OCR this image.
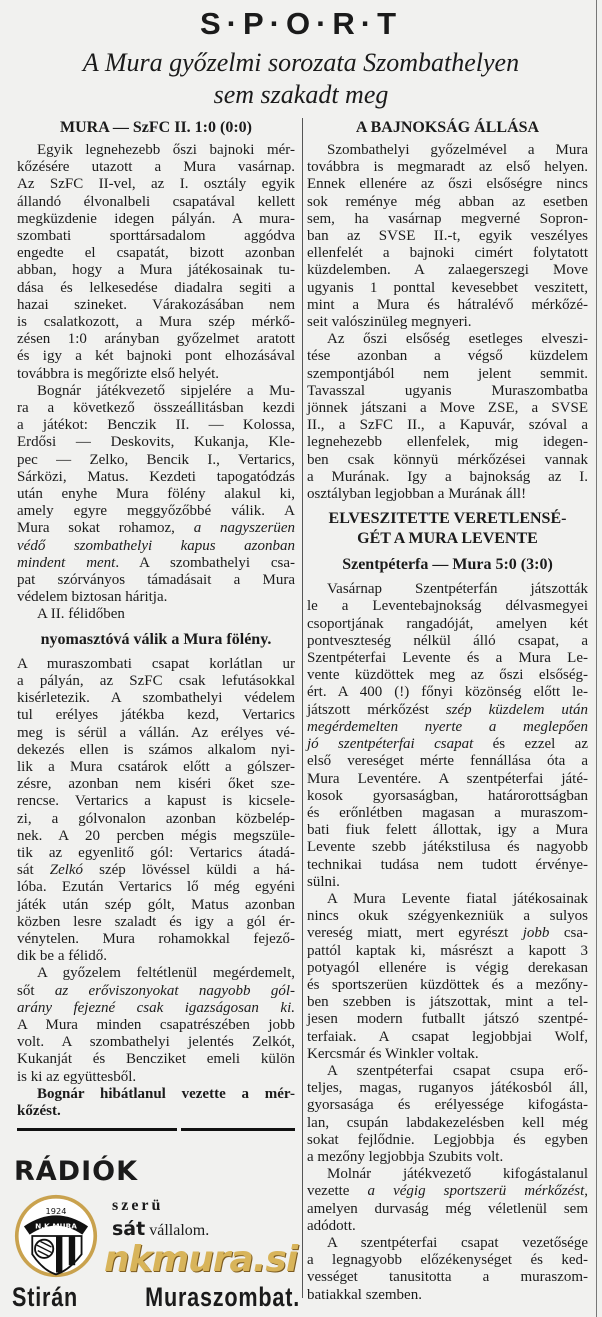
S·P·O·R·T
A Mura győzelmi sorozata Szombathelyen
sem szakadt meg
MURA — SzFC II. 1:0 (0:0)
Egyik legnehezebb őszi bajnoki mér-
kőzésére utazott a Mura vasárnap.
Az SzFC II-vel, az I. osztály egyik
állandó élvonalbeli csapatával kellett
megküzdenie idegen pályán. A mura-
szombati sporttársadalom aggódva
engedte el csapatát, bizott azonban
abban, hogy a Mura játékosainak tu-
dása és lelkesedése diadalra segiti a
hazai szineket. Várakozásában nem
is csalatkozott, a Mura szép mérkő-
zésen 1:0 arányban győzelmet aratott
és igy a két bajnoki pont elhozásával
továbbra is megőrizte első helyét.
Bognár játékvezető sipjelére a Mu-
ra a következő összeállitásban kezdi
a játékot: Benczik II. — Kolossa,
Erdősi — Deskovits, Kukanja, Kle-
pec — Zelko, Bencik I., Vertarics,
Sárközi, Matus. Kezdeti tapogatódzás
után enyhe Mura fölény alakul ki,
amely egyre meggyőzőbbé válik. A
Mura sokat rohamoz, a nagyszerüen
védő szombathelyi kapus azonban
mindent ment. A szombathelyi csa-
pat szórványos támadásait a Mura
védelem biztosan háritja.
A II. félidőben
nyomasztóvá válik a Mura fölény.
A muraszombati csapat korlátlan ur
a pályán, az SzFC csak lefutásokkal
kisérletezik. A szombathelyi védelem
tul erélyes játékba kezd, Vertarics
meg is sérül a vállán. Az erélyes vé-
dekezés ellen is számos alkalom nyi-
lik a Mura csatárok előtt a gólszer-
zésre, azonban nem kiséri őket sze-
rencse. Vertarics a kapust is kicsele-
zi, a gólvonalon azonban közbelép-
nek. A 20 percben mégis megszüle-
tik az egyenlitő gól: Vertarics átadá-
sát Zelkó szép lövéssel küldi a há-
lóba. Ezután Vertarics lő még egyéni
játék után szép gólt, Matus azonban
közben lesre szaladt és igy a gól ér-
vénytelen. Mura rohamokkal fejező-
dik be a félidő.
A győzelem feltétlenül megérdemelt,
sőt az erőviszonyokat nagyobb gól-
arány fejezné csak igazságosan ki.
A Mura minden csapatrészében jobb
volt. A szombathelyi jelentés Zelkót,
Kukanját és Bencziket emeli külön
is ki az együttesből.
Bognár hibátlanul vezette a mér-
kőzést.
RÁDIÓK
szerü
sát vállalom.
1924
N.K.MURA
nkmura.si
Stirán Muraszombat.
A BAJNOKSÁG ÁLLÁSA
Szombathelyi győzelmével a Mura
továbbra is megmaradt az első helyen.
Ennek ellenére az őszi elsőségre nincs
sok reménye még abban az esetben
sem, ha vasárnap megverné Sopron-
ban az SVSE II.-t, egyik veszélyes
ellenfelét a bajnoki cimért folytatott
küzdelemben. A zalaegerszegi Move
ugyanis 1 ponttal kevesebbet veszitett,
mint a Mura és hátralévő mérkőzé-
seit valószinüleg megnyeri.
Az őszi elsőség esetleges elveszi-
tése azonban a végső küzdelem
szempontjából nem jelent semmit.
Tavasszal ugyanis Muraszombatba
jönnek játszani a Move ZSE, a SVSE
II., a SzFC II., a Kapuvár, szóval a
legnehezebb ellenfelek, mig idegen-
ben csak könnyü mérkőzései vannak
a Murának. Igy a bajnokság az I.
osztályban legjobban a Murának áll!
ELVESZITETTE VERETLENSÉ-
GÉT A MURA LEVENTE
Szentpéterfa — Mura 5:0 (3:0)
Vasárnap Szentpéterfán játszották
le a Leventebajnokság délvasmegyei
csoportjának rangadóját, amelyen két
pontveszteség nélkül álló csapat, a
Szentpéterfai Levente és a Mura Le-
vente küzdöttek meg az őszi elsőség-
ért. A 400 (!) főnyi közönség előtt le-
játszott mérkőzést szép küzdelem után
megérdemelten nyerte a meglepően
jó szentpéterfai csapat és ezzel az
első vereséget mérte fennállása óta a
Mura Leventére. A szentpéterfai játé-
kosok gyorsaságban, határorottságban
és erőnlétben magasan a muraszom-
bati fiuk felett állottak, igy a Mura
Levente szebb játékstilusa és nagyobb
technikai tudása nem tudott érvénye-
sülni.
A Mura Levente fiatal játékosainak
nincs okuk szégyenkezniük a sulyos
vereség miatt, mert egyrészt jobb csa-
pattól kaptak ki, másrészt a kapott 3
potyagól ellenére is végig derekasan
és sportszerüen küzdöttek és a mezőny-
ben szebben is játszottak, mint a tel-
jesen modern futballt játszó szentpé-
terfaiak. A csapat legjobbjai Wolf,
Kercsmár és Winkler voltak.
A szentpéterfai csapat csupa erő-
teljes, magas, ruganyos játékosból áll,
gyorsasága és erélyessége kifogásta-
lan, csupán labdakezelésben kell még
sokat fejlődnie. Legjobbja és egyben
a mezőny legjobbja Szubits volt.
Molnár játékvezető kifogástalanul
vezette a végig sportszerü mérkőzést,
amelyen durvaság még véletlenül sem
adódott.
A szentpéterfai csapat vezetősége
a legnagyobb előzékenységet és ked-
vességet tanusitotta a muraszom-
batiakkal szemben.
